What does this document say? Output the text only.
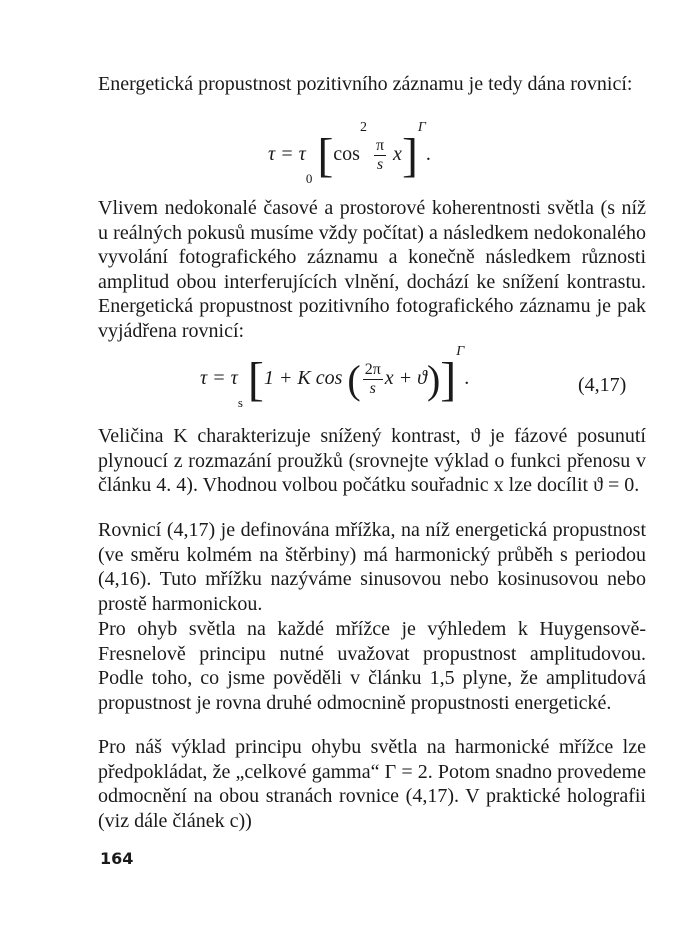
Energetická propustnost pozitivního záznamu je tedy dána rovnicí:
$\tau = \tau_0$ [$\cos^2$
$\frac{\pi}{s} x]^\Gamma$.
Vlivem nedokonalé časové a prostorové koherentnosti světla (s níž u reálných pokusů musíme vždy počítat) a následkem nedokonalého vyvolání fotografického záznamu a konečně následkem různosti amplitud obou interferujících vlnění, dochází ke snížení kontrastu. Energetická propustnost pozitivního fotografického záznamu je pak vyjádřena rovnicí:
$\tau = \tau_s$ [1 + K cos ( $\frac{2\pi}{s}$ x + ϑ)]$^\Gamma$.	(4,17)
Veličina K charakterizuje snížený kontrast, ϑ je fázové posunutí plynoucí z rozmazání proužků (srovnejte výklad o funkci přenosu v článku 4. 4). Vhodnou volbou počátku souřadnic x lze docílit ϑ = 0.
Rovnicí (4,17) je definována mřížka, na níž energetická propustnost (ve směru kolmém na štěrbiny) má harmonický průběh s periodou (4,16). Tuto mřížku nazýváme sinusovou nebo kosinusovou nebo prostě harmonickou.
Pro ohyb světla na každé mřížce je výhledem k Huygensově-Fresnelově principu nutné uvažovat propustnost amplitudovou. Podle toho, co jsme pověděli v článku 1,5 plyne, že amplitudová propustnost je rovna druhé odmocnině propustnosti energetické.
Pro náš výklad principu ohybu světla na harmonické mřížce lze předpokládat, že „celkové gamma“ Γ = 2. Potom snadno provedeme odmocnění na obou stranách rovnice (4,17). V praktické holografii (viz dále článek c))
164
